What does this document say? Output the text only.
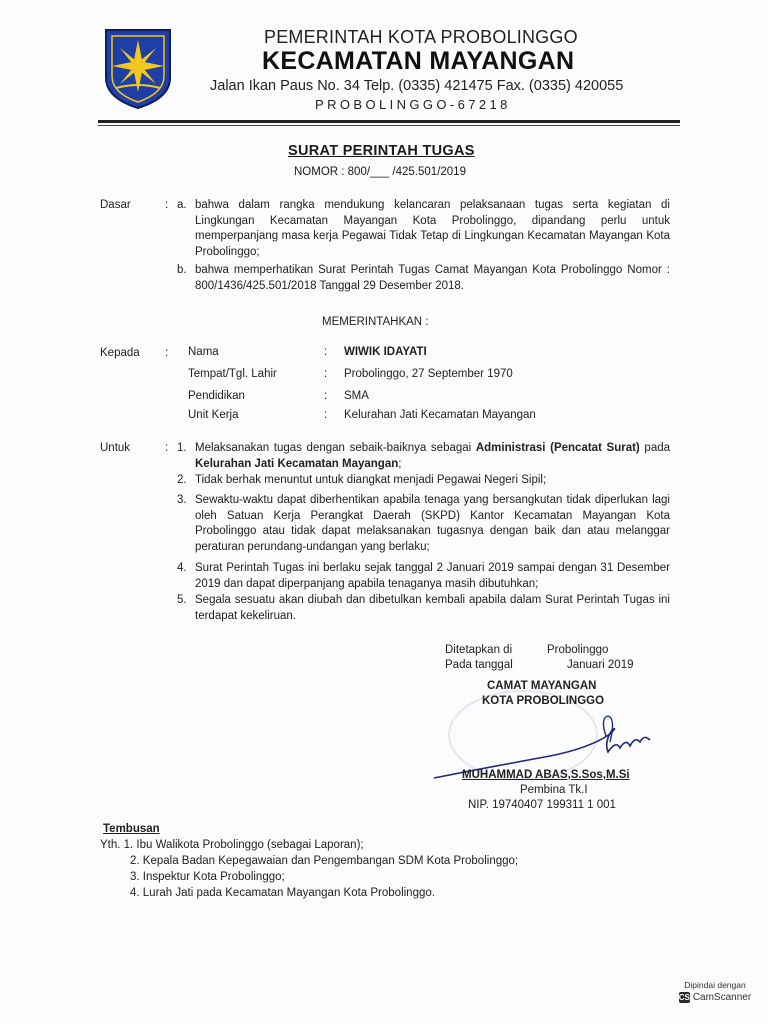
PEMERINTAH KOTA PROBOLINGGO
KECAMATAN MAYANGAN
Jalan Ikan Paus No. 34 Telp. (0335) 421475 Fax. (0335) 420055
PROBOLINGGO-67218
SURAT PERINTAH TUGAS
NOMOR : 800/___ /425.501/2019
Dasar	: a. bahwa dalam rangka mendukung kelancaran pelaksanaan tugas serta kegiatan di Lingkungan Kecamatan Mayangan Kota Probolinggo, dipandang perlu untuk memperpanjang masa kerja Pegawai Tidak Tetap di Lingkungan Kecamatan Mayangan Kota Probolinggo;
b. bahwa memperhatikan Surat Perintah Tugas Camat Mayangan Kota Probolinggo Nomor : 800/1436/425.501/2018 Tanggal 29 Desember 2018.
MEMERINTAHKAN :
Kepada : Nama	: WIWIK IDAYATI
Tempat/Tgl. Lahir	: Probolinggo, 27 September 1970
Pendidikan	: SMA
Unit Kerja	: Kelurahan Jati Kecamatan Mayangan
Untuk	: 1. Melaksanakan tugas dengan sebaik-baiknya sebagai Administrasi (Pencatat Surat) pada Kelurahan Jati Kecamatan Mayangan;
2. Tidak berhak menuntut untuk diangkat menjadi Pegawai Negeri Sipil;
3. Sewaktu-waktu dapat diberhentikan apabila tenaga yang bersangkutan tidak diperlukan lagi oleh Satuan Kerja Perangkat Daerah (SKPD) Kantor Kecamatan Mayangan Kota Probolinggo atau tidak dapat melaksanakan tugasnya dengan baik dan atau melanggar peraturan perundang-undangan yang berlaku;
4. Surat Perintah Tugas ini berlaku sejak tanggal 2 Januari 2019 sampai dengan 31 Desember 2019 dan dapat diperpanjang apabila tenaganya masih dibutuhkan;
5. Segala sesuatu akan diubah dan dibetulkan kembali apabila dalam Surat Perintah Tugas ini terdapat kekeliruan.
Ditetapkan di	Probolinggo
Pada tanggal	Januari 2019
CAMAT MAYANGAN
KOTA PROBOLINGGO
MUHAMMAD ABAS,S.Sos,M.Si
Pembina Tk.I
NIP. 19740407 199311 1 001
Tembusan
Yth. 1. Ibu Walikota Probolinggo (sebagai Laporan);
2. Kepala Badan Kepegawaian dan Pengembangan SDM Kota Probolinggo;
3. Inspektur Kota Probolinggo;
4. Lurah Jati pada Kecamatan Mayangan Kota Probolinggo.
Dipindai dengan
CS CamScanner
